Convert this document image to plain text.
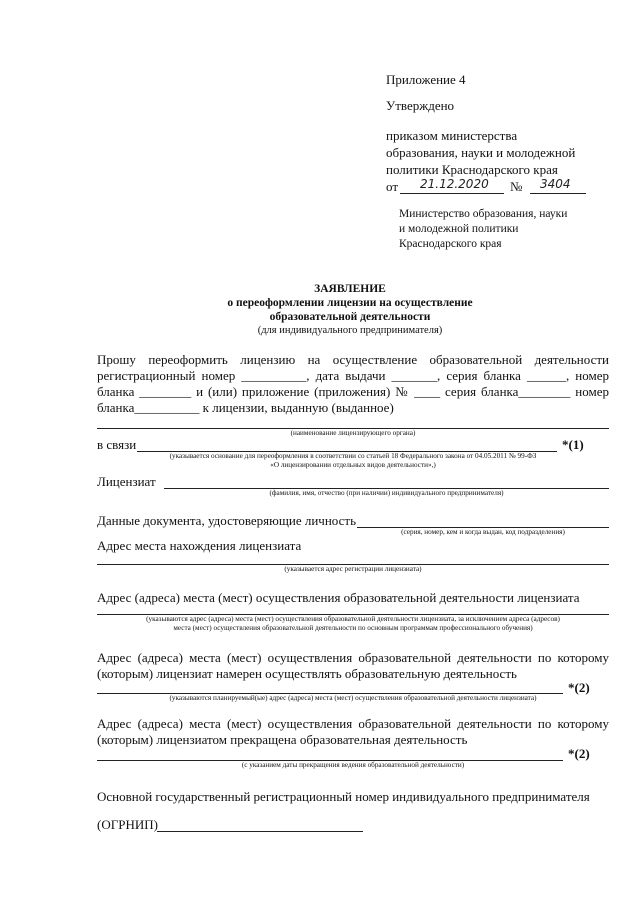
Приложение 4
Утверждено
приказом министерства
образования, науки и молодежной
политики Краснодарского края
от 21.12.2020 № 3404
Министерство образования, науки
и молодежной политики
Краснодарского края
ЗАЯВЛЕНИЕ
о переоформлении лицензии на осуществление
образовательной деятельности
(для индивидуального предпринимателя)
Прошу переоформить лицензию на осуществление образовательной деятельности
регистрационный номер __________, дата выдачи _______, серия бланка ______, номер
бланка ________ и (или) приложение (приложения) № ____ серия бланка________ номер
бланка__________ к лицензии, выданную (выданное)
(наименование лицензирующего органа)
в связи	*(1)
(указывается основание для переоформления в соответствии со статьей 18 Федерального закона от 04.05.2011 № 99-ФЗ
«О лицензировании отдельных видов деятельности»,)
Лицензиат
(фамилия, имя, отчество (при наличии) индивидуального предпринимателя)
Данные документа, удостоверяющие личность
(серия, номер, кем и когда выдан, код подразделения)
Адрес места нахождения лицензиата
(указывается адрес регистрации лицензиата)
Адрес (адреса) места (мест) осуществления образовательной деятельности лицензиата
(указываются адрес (адреса) места (мест) осуществления образовательной деятельности лицензиата, за исключением адреса (адресов)
места (мест) осуществления образовательной деятельности по основным программам профессионального обучения)
Адрес (адреса) места (мест) осуществления образовательной деятельности по которому
(которым) лицензиат намерен осуществлять образовательную деятельность
*(2)
(указываются планируемый(ые) адрес (адреса) места (мест) осуществления образовательной деятельности лицензиата)
Адрес (адреса) места (мест) осуществления образовательной деятельности по которому
(которым) лицензиатом прекращена образовательная деятельность
*(2)
(с указанием даты прекращения ведения образовательной деятельности)
Основной государственный регистрационный номер индивидуального предпринимателя
(ОГРНИП)
